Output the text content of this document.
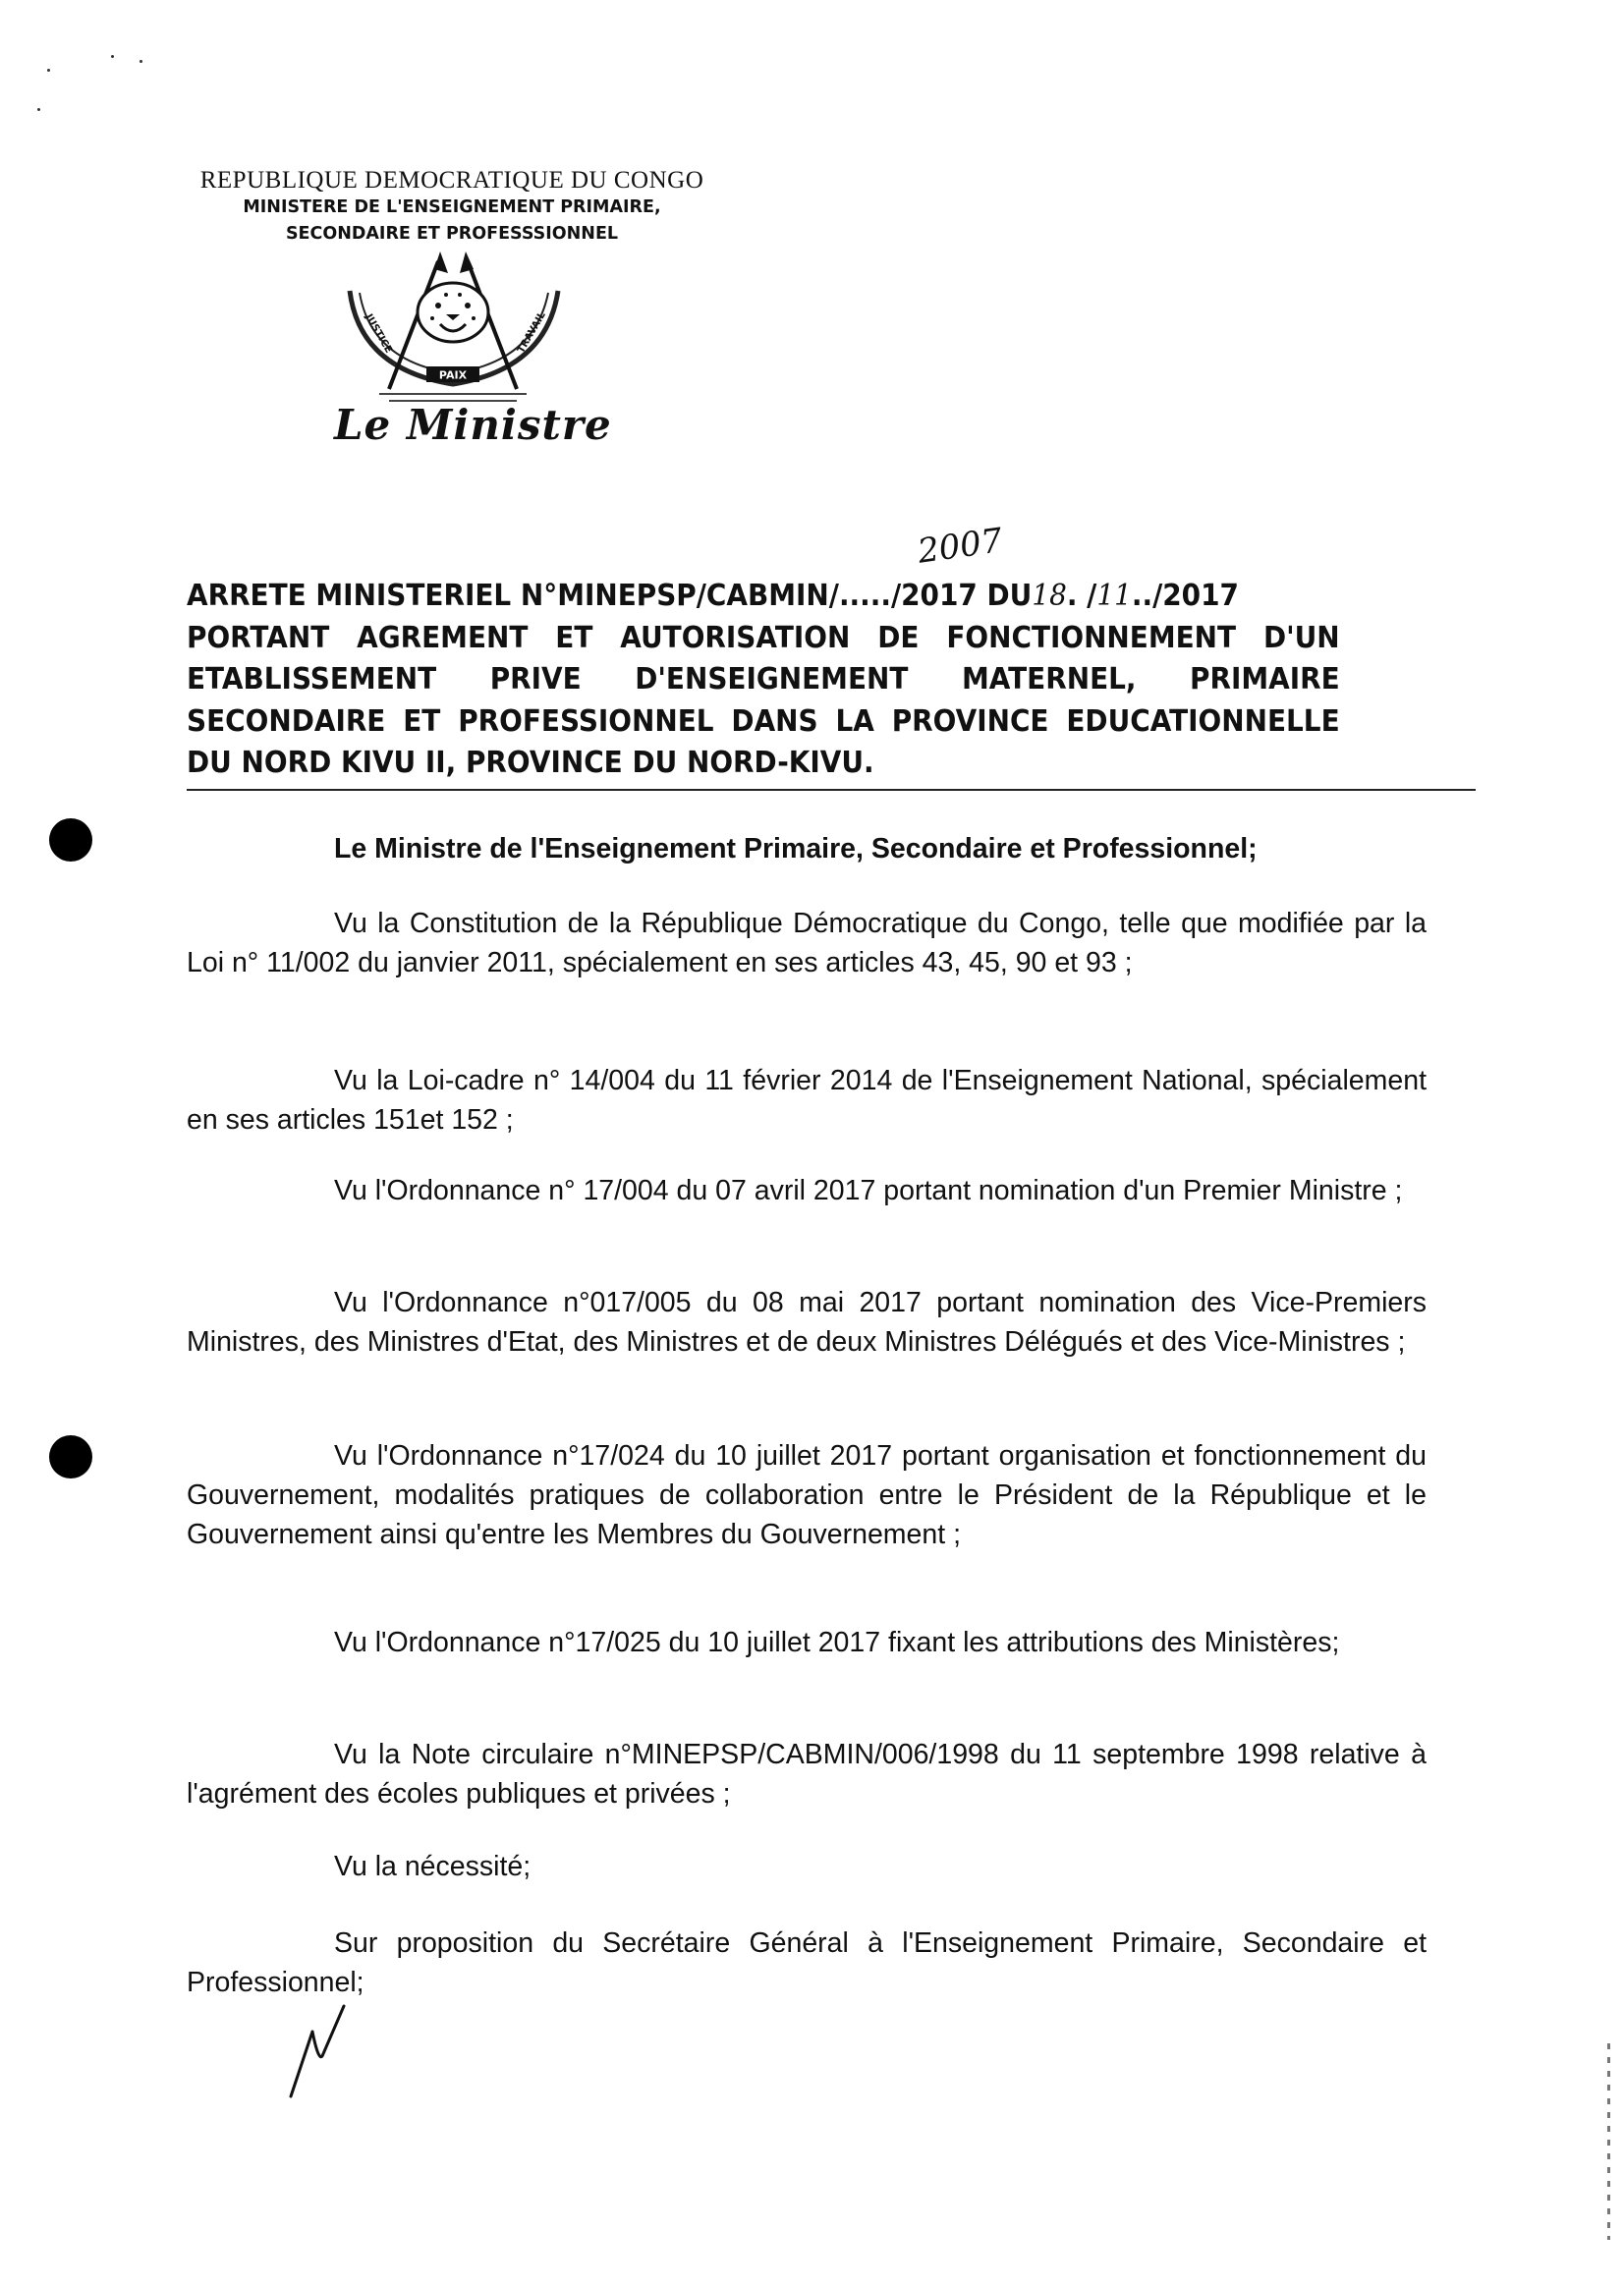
REPUBLIQUE DEMOCRATIQUE DU CONGO
MINISTERE DE L'ENSEIGNEMENT PRIMAIRE,
SECONDAIRE ET PROFESSSIONNEL
PAIX
JUSTICE	TRAVAIL
Le Ministre
2007
ARRETE MINISTERIEL N°MINEPSP/CABMIN/...../2017 DU18. /11../2017
PORTANT AGREMENT ET AUTORISATION DE FONCTIONNEMENT D'UN
ETABLISSEMENT PRIVE D'ENSEIGNEMENT MATERNEL, PRIMAIRE
SECONDAIRE ET PROFESSIONNEL DANS LA PROVINCE EDUCATIONNELLE
DU NORD KIVU II, PROVINCE DU NORD-KIVU.
Le Ministre de l'Enseignement Primaire, Secondaire et Professionnel;
Vu la Constitution de la République Démocratique du Congo, telle que modifiée par la Loi n° 11/002 du janvier 2011, spécialement en ses articles 43, 45, 90 et 93 ;
Vu la Loi-cadre n° 14/004 du 11 février 2014 de l'Enseignement National, spécialement en ses articles 151et 152 ;
Vu l'Ordonnance n° 17/004 du 07 avril 2017 portant nomination d'un Premier Ministre ;
Vu l'Ordonnance n°017/005 du 08 mai 2017 portant nomination des Vice-Premiers Ministres, des Ministres d'Etat, des Ministres et de deux Ministres Délégués et des Vice-Ministres ;
Vu l'Ordonnance n°17/024 du 10 juillet 2017 portant organisation et fonctionnement du Gouvernement, modalités pratiques de collaboration entre le Président de la République et le Gouvernement ainsi qu'entre les Membres du Gouvernement ;
Vu l'Ordonnance n°17/025 du 10 juillet 2017 fixant les attributions des Ministères;
Vu la Note circulaire n°MINEPSP/CABMIN/006/1998 du 11 septembre 1998 relative à l'agrément des écoles publiques et privées ;
Vu la nécessité;
Sur proposition du Secrétaire Général à l'Enseignement Primaire, Secondaire et Professionnel;
